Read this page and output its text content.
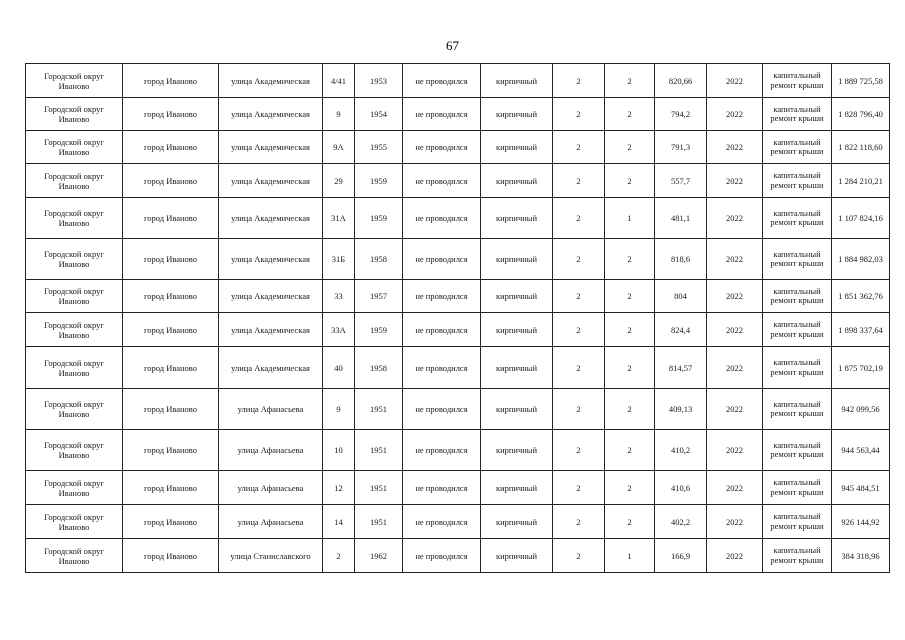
67
Городской округ Иваново	город Иваново	улица Академическая	4/41	1953	не проводился	кирпичный	2	2	820,66	2022	капитальный ремонт крыши	1 889 725,58
Городской округ Иваново	город Иваново	улица Академическая	9	1954	не проводился	кирпичный	2	2	794,2	2022	капитальный ремонт крыши	1 828 796,40
Городской округ Иваново	город Иваново	улица Академическая	9А	1955	не проводился	кирпичный	2	2	791,3	2022	капитальный ремонт крыши	1 822 118,60
Городской округ Иваново	город Иваново	улица Академическая	29	1959	не проводился	кирпичный	2	2	557,7	2022	капитальный ремонт крыши	1 284 210,21
Городской округ Иваново	город Иваново	улица Академическая	31А	1959	не проводился	кирпичный	2	1	481,1	2022	капитальный ремонт крыши	1 107 824,16
Городской округ Иваново	город Иваново	улица Академическая	31Б	1958	не проводился	кирпичный	2	2	818,6	2022	капитальный ремонт крыши	1 884 982,03
Городской округ Иваново	город Иваново	улица Академическая	33	1957	не проводился	кирпичный	2	2	804	2022	капитальный ремонт крыши	1 851 362,76
Городской округ Иваново	город Иваново	улица Академическая	33А	1959	не проводился	кирпичный	2	2	824,4	2022	капитальный ремонт крыши	1 898 337,64
Городской округ Иваново	город Иваново	улица Академическая	40	1958	не проводился	кирпичный	2	2	814,57	2022	капитальный ремонт крыши	1 875 702,19
Городской округ Иваново	город Иваново	улица Афанасьева	9	1951	не проводился	кирпичный	2	2	409,13	2022	капитальный ремонт крыши	942 099,56
Городской округ Иваново	город Иваново	улица Афанасьева	10	1951	не проводился	кирпичный	2	2	410,2	2022	капитальный ремонт крыши	944 563,44
Городской округ Иваново	город Иваново	улица Афанасьева	12	1951	не проводился	кирпичный	2	2	410,6	2022	капитальный ремонт крыши	945 484,51
Городской округ Иваново	город Иваново	улица Афанасьева	14	1951	не проводился	кирпичный	2	2	402,2	2022	капитальный ремонт крыши	926 144,92
Городской округ Иваново	город Иваново	улица Станиславского	2	1962	не проводился	кирпичный	2	1	166,9	2022	капитальный ремонт крыши	384 318,96
